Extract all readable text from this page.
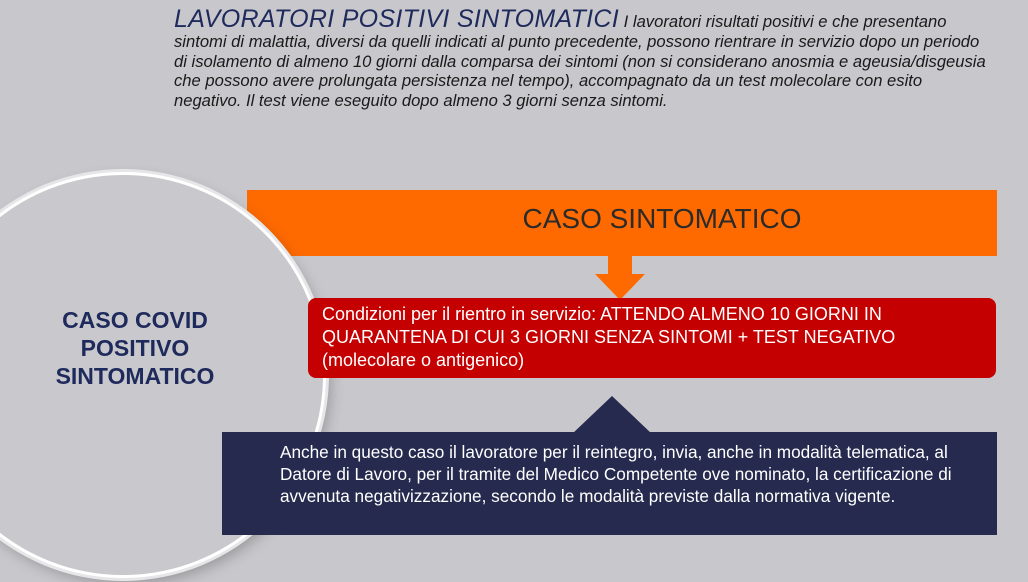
LAVORATORI POSITIVI SINTOMATICI I lavoratori risultati positivi e che presentano sintomi di malattia, diversi da quelli indicati al punto precedente, possono rientrare in servizio dopo un periodo di isolamento di almeno 10 giorni dalla comparsa dei sintomi (non si considerano anosmia e ageusia/disgeusia che possono avere prolungata persistenza nel tempo), accompagnato da un test molecolare con esito negativo. Il test viene eseguito dopo almeno 3 giorni senza sintomi.
CASO SINTOMATICO
CASO COVID POSITIVO SINTOMATICO
Condizioni per il rientro in servizio: ATTENDO ALMENO 10 GIORNI IN QUARANTENA DI CUI 3 GIORNI SENZA SINTOMI + TEST NEGATIVO (molecolare o antigenico)
Anche in questo caso il lavoratore per il reintegro, invia, anche in modalità telematica, al Datore di Lavoro, per il tramite del Medico Competente ove nominato, la certificazione di avvenuta negativizzazione, secondo le modalità previste dalla normativa vigente.
